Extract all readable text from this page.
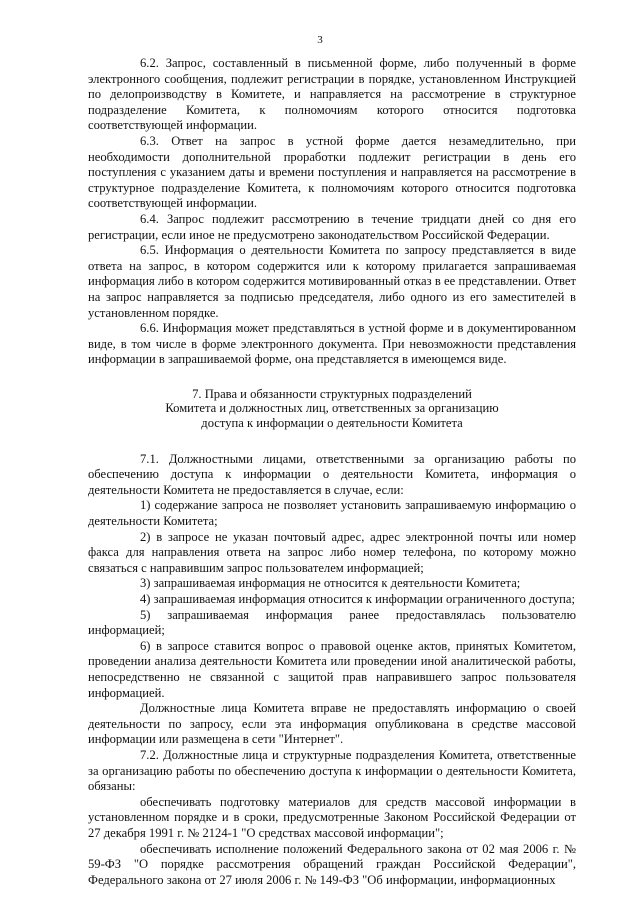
3

6.2. Запрос, составленный в письменной форме, либо полученный в форме электронного сообщения, подлежит регистрации в порядке, установленном Инструкцией по делопроизводству в Комитете, и направляется на рассмотрение в структурное подразделение Комитета, к полномочиям которого относится подготовка соответствующей информации.

6.3. Ответ на запрос в устной форме дается незамедлительно, при необходимости дополнительной проработки подлежит регистрации в день его поступления с указанием даты и времени поступления и направляется на рассмотрение в структурное подразделение Комитета, к полномочиям которого относится подготовка соответствующей информации.

6.4. Запрос подлежит рассмотрению в течение тридцати дней со дня его регистрации, если иное не предусмотрено законодательством Российской Федерации.

6.5. Информация о деятельности Комитета по запросу представляется в виде ответа на запрос, в котором содержится или к которому прилагается запрашиваемая информация либо в котором содержится мотивированный отказ в ее представлении. Ответ на запрос направляется за подписью председателя, либо одного из его заместителей в установленном порядке.

6.6. Информация может представляться в устной форме и в документированном виде, в том числе в форме электронного документа. При невозможности представления информации в запрашиваемой форме, она представляется в имеющемся виде.

7. Права и обязанности структурных подразделений
Комитета и должностных лиц, ответственных за организацию
доступа к информации о деятельности Комитета

7.1. Должностными лицами, ответственными за организацию работы по обеспечению доступа к информации о деятельности Комитета, информация о деятельности Комитета не предоставляется в случае, если:

1) содержание запроса не позволяет установить запрашиваемую информацию о деятельности Комитета;

2) в запросе не указан почтовый адрес, адрес электронной почты или номер факса для направления ответа на запрос либо номер телефона, по которому можно связаться с направившим запрос пользователем информацией;

3) запрашиваемая информация не относится к деятельности Комитета;

4) запрашиваемая информация относится к информации ограниченного доступа;

5) запрашиваемая информация ранее предоставлялась пользователю информацией;

6) в запросе ставится вопрос о правовой оценке актов, принятых Комитетом, проведении анализа деятельности Комитета или проведении иной аналитической работы, непосредственно не связанной с защитой прав направившего запрос пользователя информацией.

Должностные лица Комитета вправе не предоставлять информацию о своей деятельности по запросу, если эта информация опубликована в средстве массовой информации или размещена в сети "Интернет".

7.2. Должностные лица и структурные подразделения Комитета, ответственные за организацию работы по обеспечению доступа к информации о деятельности Комитета, обязаны:

обеспечивать подготовку материалов для средств массовой информации в установленном порядке и в сроки, предусмотренные Законом Российской Федерации от 27 декабря 1991 г. № 2124-1 "О средствах массовой информации";

обеспечивать исполнение положений Федерального закона от 02 мая 2006 г. № 59-ФЗ "О порядке рассмотрения обращений граждан Российской Федерации", Федерального закона от 27 июля 2006 г. № 149-ФЗ "Об информации, информационных
